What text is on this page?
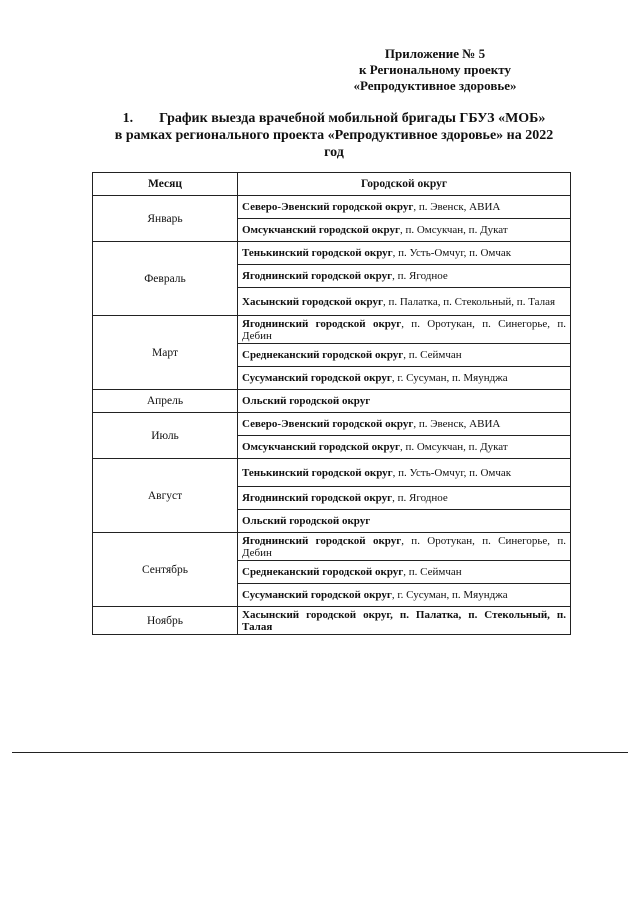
Приложение № 5
к Региональному проекту
«Репродуктивное здоровье»
1. График выезда врачебной мобильной бригады ГБУЗ «МОБ»
в рамках регионального проекта «Репродуктивное здоровье» на 2022
год
Месяц	Городской округ
Январь	Северо-Эвенский городской округ, п. Эвенск, АВИА
	Омсукчанский городской округ, п. Омсукчан, п. Дукат
Февраль	Тенькинский городской округ, п. Усть-Омчуг, п. Омчак
	Ягоднинский городской округ, п. Ягодное
	Хасынский городской округ, п. Палатка, п. Стекольный, п. Талая
Март	Ягоднинский городской округ, п. Оротукан, п. Синегорье, п. Дебин
	Среднеканский городской округ, п. Сеймчан
	Сусуманский городской округ, г. Сусуман, п. Мяунджа
Апрель	Ольский городской округ
Июль	Северо-Эвенский городской округ, п. Эвенск, АВИА
	Омсукчанский городской округ, п. Омсукчан, п. Дукат
Август	Тенькинский городской округ, п. Усть-Омчуг, п. Омчак
	Ягоднинский городской округ, п. Ягодное
	Ольский городской округ
Сентябрь	Ягоднинский городской округ, п. Оротукан, п. Синегорье, п. Дебин
	Среднеканский городской округ, п. Сеймчан
	Сусуманский городской округ, г. Сусуман, п. Мяунджа
Ноябрь	Хасынский городской округ, п. Палатка, п. Стекольный, п. Талая
